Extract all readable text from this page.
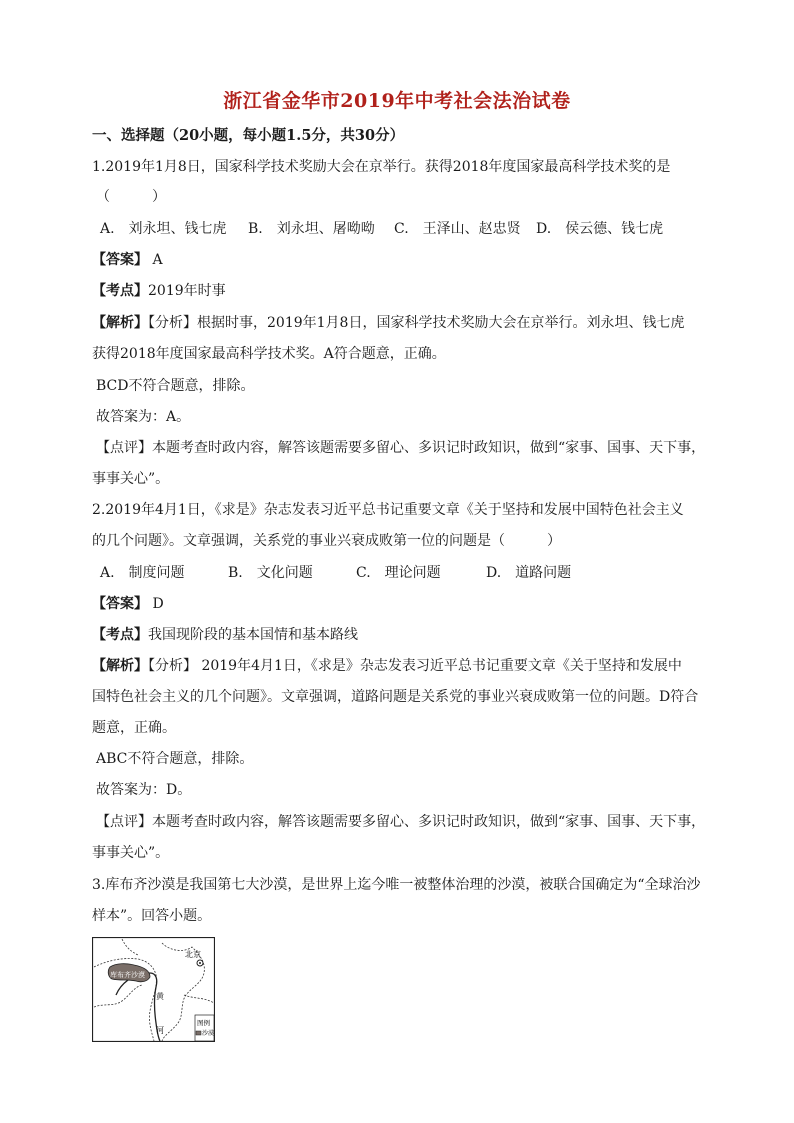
浙江省金华市2019年中考社会法治试卷
一、选择题（20小题，每小题1.5分，共30分）
1.2019年1月8日，国家科学技术奖励大会在京举行。获得2018年度国家最高科学技术奖的是
（　　　）
A.　刘永坦、钱七虎 B.　刘永坦、屠呦呦 C.　王泽山、赵忠贤 D.　侯云德、钱七虎
【答案】 A
【考点】2019年时事
【解析】【分析】根据时事，2019年1月8日，国家科学技术奖励大会在京举行。刘永坦、钱七虎
获得2018年度国家最高科学技术奖。A符合题意，正确。
BCD不符合题意，排除。
故答案为：A。
【点评】本题考查时政内容，解答该题需要多留心、多识记时政知识，做到“家事、国事、天下事，
事事关心”。
2.2019年4月1日，《求是》杂志发表习近平总书记重要文章《关于坚持和发展中国特色社会主义
的几个问题》。文章强调，关系党的事业兴衰成败第一位的问题是（　　　）
A.　制度问题	B.　文化问题	C.　理论问题	D.　道路问题
【答案】 D
【考点】我国现阶段的基本国情和基本路线
【解析】【分析】 2019年4月1日，《求是》杂志发表习近平总书记重要文章《关于坚持和发展中
国特色社会主义的几个问题》。文章强调，道路问题是关系党的事业兴衰成败第一位的问题。D符合
题意，正确。
ABC不符合题意，排除。
故答案为：D。
【点评】本题考查时政内容，解答该题需要多留心、多识记时政知识，做到“家事、国事、天下事，
事事关心”。
3.库布齐沙漠是我国第七大沙漠，是世界上迄今唯一被整体治理的沙漠，被联合国确定为“全球治沙
样本”。回答小题。
北京
库布齐沙漠
黄
河
图例
沙漠
